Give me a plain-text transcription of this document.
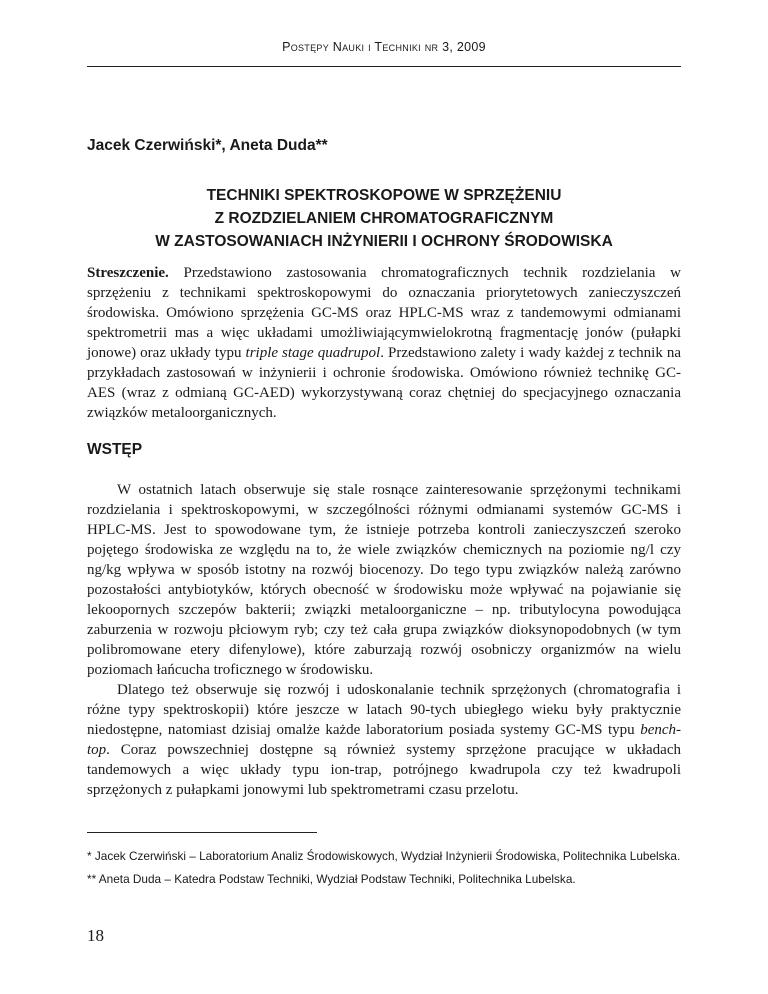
Postępy Nauki i Techniki nr 3, 2009
Jacek Czerwiński*, Aneta Duda**
TECHNIKI SPEKTROSKOPOWE W SPRZĘŻENIU
Z ROZDZIELANIEM CHROMATOGRAFICZNYM
W ZASTOSOWANIACH INŻYNIERII I OCHRONY ŚRODOWISKA
Streszczenie. Przedstawiono zastosowania chromatograficznych technik rozdzielania w sprzężeniu z technikami spektroskopowymi do oznaczania priorytetowych zanieczyszczeń środowiska. Omówiono sprzężenia GC-MS oraz HPLC-MS wraz z tandemowymi odmianami spektrometrii mas a więc układami umożliwiającymwielokrotną fragmentację jonów (pułapki jonowe) oraz układy typu triple stage quadrupol. Przedstawiono zalety i wady każdej z technik na przykładach zastosowań w inżynierii i ochronie środowiska. Omówiono również technikę GC-AES (wraz z odmianą GC-AED) wykorzystywaną coraz chętniej do specjacyjnego oznaczania związków metaloorganicznych.
WSTĘP

W ostatnich latach obserwuje się stale rosnące zainteresowanie sprzężonymi technikami rozdzielania i spektroskopowymi, w szczególności różnymi odmianami systemów GC-MS i HPLC-MS. Jest to spowodowane tym, że istnieje potrzeba kontroli zanieczyszczeń szeroko pojętego środowiska ze względu na to, że wiele związków chemicznych na poziomie ng/l czy ng/kg wpływa w sposób istotny na rozwój biocenozy. Do tego typu związków należą zarówno pozostałości antybiotyków, których obecność w środowisku może wpływać na pojawianie się lekoopornych szczepów bakterii; związki metaloorganiczne – np. tributylocyna powodująca zaburzenia w rozwoju płciowym ryb; czy też cała grupa związków dioksynopodobnych (w tym polibromowane etery difenylowe), które zaburzają rozwój osobniczy organizmów na wielu poziomach łańcucha troficznego w środowisku.

Dlatego też obserwuje się rozwój i udoskonalanie technik sprzężonych (chromatografia i różne typy spektroskopii) które jeszcze w latach 90-tych ubiegłego wieku były praktycznie niedostępne, natomiast dzisiaj omalże każde laboratorium posiada systemy GC-MS typu bench-top. Coraz powszechniej dostępne są również systemy sprzężone pracujące w układach tandemowych a więc układy typu ion-trap, potrójnego kwadrupola czy też kwadrupoli sprzężonych z pułapkami jonowymi lub spektrometrami czasu przelotu.

* Jacek Czerwiński – Laboratorium Analiz Środowiskowych, Wydział Inżynierii Środowiska, Politechnika Lubelska.
** Aneta Duda – Katedra Podstaw Techniki, Wydział Podstaw Techniki, Politechnika Lubelska.
18
